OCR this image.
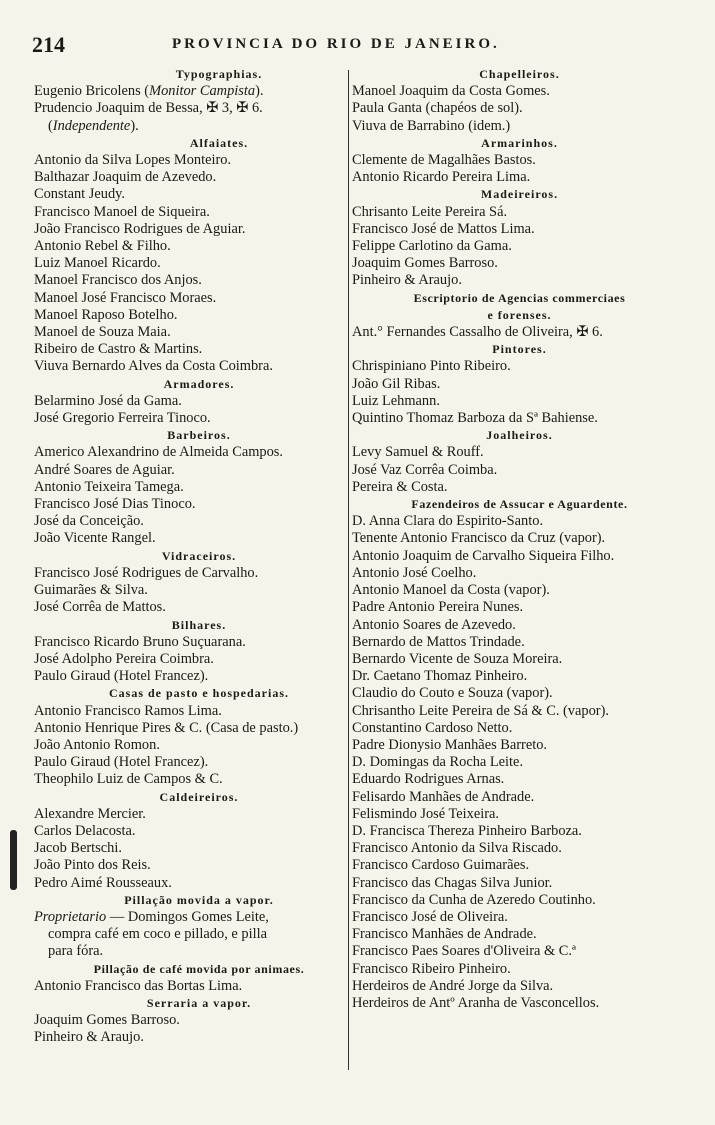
214	PROVINCIA DO RIO DE JANEIRO.
Typographias.
Eugenio Bricolens (Monitor Campista).
Prudencio Joaquim de Bessa, ✠ 3, ✠ 6.
(Independente).
Alfaiates.
Antonio da Silva Lopes Monteiro.
Balthazar Joaquim de Azevedo.
Constant Jeudy.
Francisco Manoel de Siqueira.
João Francisco Rodrigues de Aguiar.
Antonio Rebel & Filho.
Luiz Manoel Ricardo.
Manoel Francisco dos Anjos.
Manoel José Francisco Moraes.
Manoel Raposo Botelho.
Manoel de Souza Maia.
Ribeiro de Castro & Martins.
Viuva Bernardo Alves da Costa Coimbra.
Armadores.
Belarmino José da Gama.
José Gregorio Ferreira Tinoco.
Barbeiros.
Americo Alexandrino de Almeida Campos.
André Soares de Aguiar.
Antonio Teixeira Tamega.
Francisco José Dias Tinoco.
José da Conceição.
João Vicente Rangel.
Vidraceiros.
Francisco José Rodrigues de Carvalho.
Guimarães & Silva.
José Corrêa de Mattos.
Bilhares.
Francisco Ricardo Bruno Suçuarana.
José Adolpho Pereira Coimbra.
Paulo Giraud (Hotel Francez).
Casas de pasto e hospedarias.
Antonio Francisco Ramos Lima.
Antonio Henrique Pires & C. (Casa de pasto.)
João Antonio Romon.
Paulo Giraud (Hotel Francez).
Theophilo Luiz de Campos & C.
Caldeireiros.
Alexandre Mercier.
Carlos Delacosta.
Jacob Bertschi.
João Pinto dos Reis.
Pedro Aimé Rousseaux.
Pillação movida a vapor.
Proprietario — Domingos Gomes Leite,
compra café em coco e pillado, e pilla
para fóra.
Pillação de café movida por animaes.
Antonio Francisco das Bortas Lima.
Serraria a vapor.
Joaquim Gomes Barroso.
Pinheiro & Araujo.
Chapelleiros.
Manoel Joaquim da Costa Gomes.
Paula Ganta (chapéos de sol).
Viuva de Barrabino (idem.)
Armarinhos.
Clemente de Magalhães Bastos.
Antonio Ricardo Pereira Lima.
Madeireiros.
Chrisanto Leite Pereira Sá.
Francisco José de Mattos Lima.
Felippe Carlotino da Gama.
Joaquim Gomes Barroso.
Pinheiro & Araujo.
Escriptorio de Agencias commerciaes
e forenses.
Ant.° Fernandes Cassalho de Oliveira, ✠ 6.
Pintores.
Chrispiniano Pinto Ribeiro.
João Gil Ribas.
Luiz Lehmann.
Quintino Thomaz Barboza da Sª Bahiense.
Joalheiros.
Levy Samuel & Rouff.
José Vaz Corrêa Coimba.
Pereira & Costa.
Fazendeiros de Assucar e Aguardente.
D. Anna Clara do Espirito-Santo.
Tenente Antonio Francisco da Cruz (vapor).
Antonio Joaquim de Carvalho Siqueira Filho.
Antonio José Coelho.
Antonio Manoel da Costa (vapor).
Padre Antonio Pereira Nunes.
Antonio Soares de Azevedo.
Bernardo de Mattos Trindade.
Bernardo Vicente de Souza Moreira.
Dr. Caetano Thomaz Pinheiro.
Claudio do Couto e Souza (vapor).
Chrisantho Leite Pereira de Sá & C. (vapor).
Constantino Cardoso Netto.
Padre Dionysio Manhães Barreto.
D. Domingas da Rocha Leite.
Eduardo Rodrigues Arnas.
Felisardo Manhães de Andrade.
Felismindo José Teixeira.
D. Francisca Thereza Pinheiro Barboza.
Francisco Antonio da Silva Riscado.
Francisco Cardoso Guimarães.
Francisco das Chagas Silva Junior.
Francisco da Cunha de Azeredo Coutinho.
Francisco José de Oliveira.
Francisco Manhães de Andrade.
Francisco Paes Soares d'Oliveira & C.ª
Francisco Ribeiro Pinheiro.
Herdeiros de André Jorge da Silva.
Herdeiros de Antº Aranha de Vasconcellos.
